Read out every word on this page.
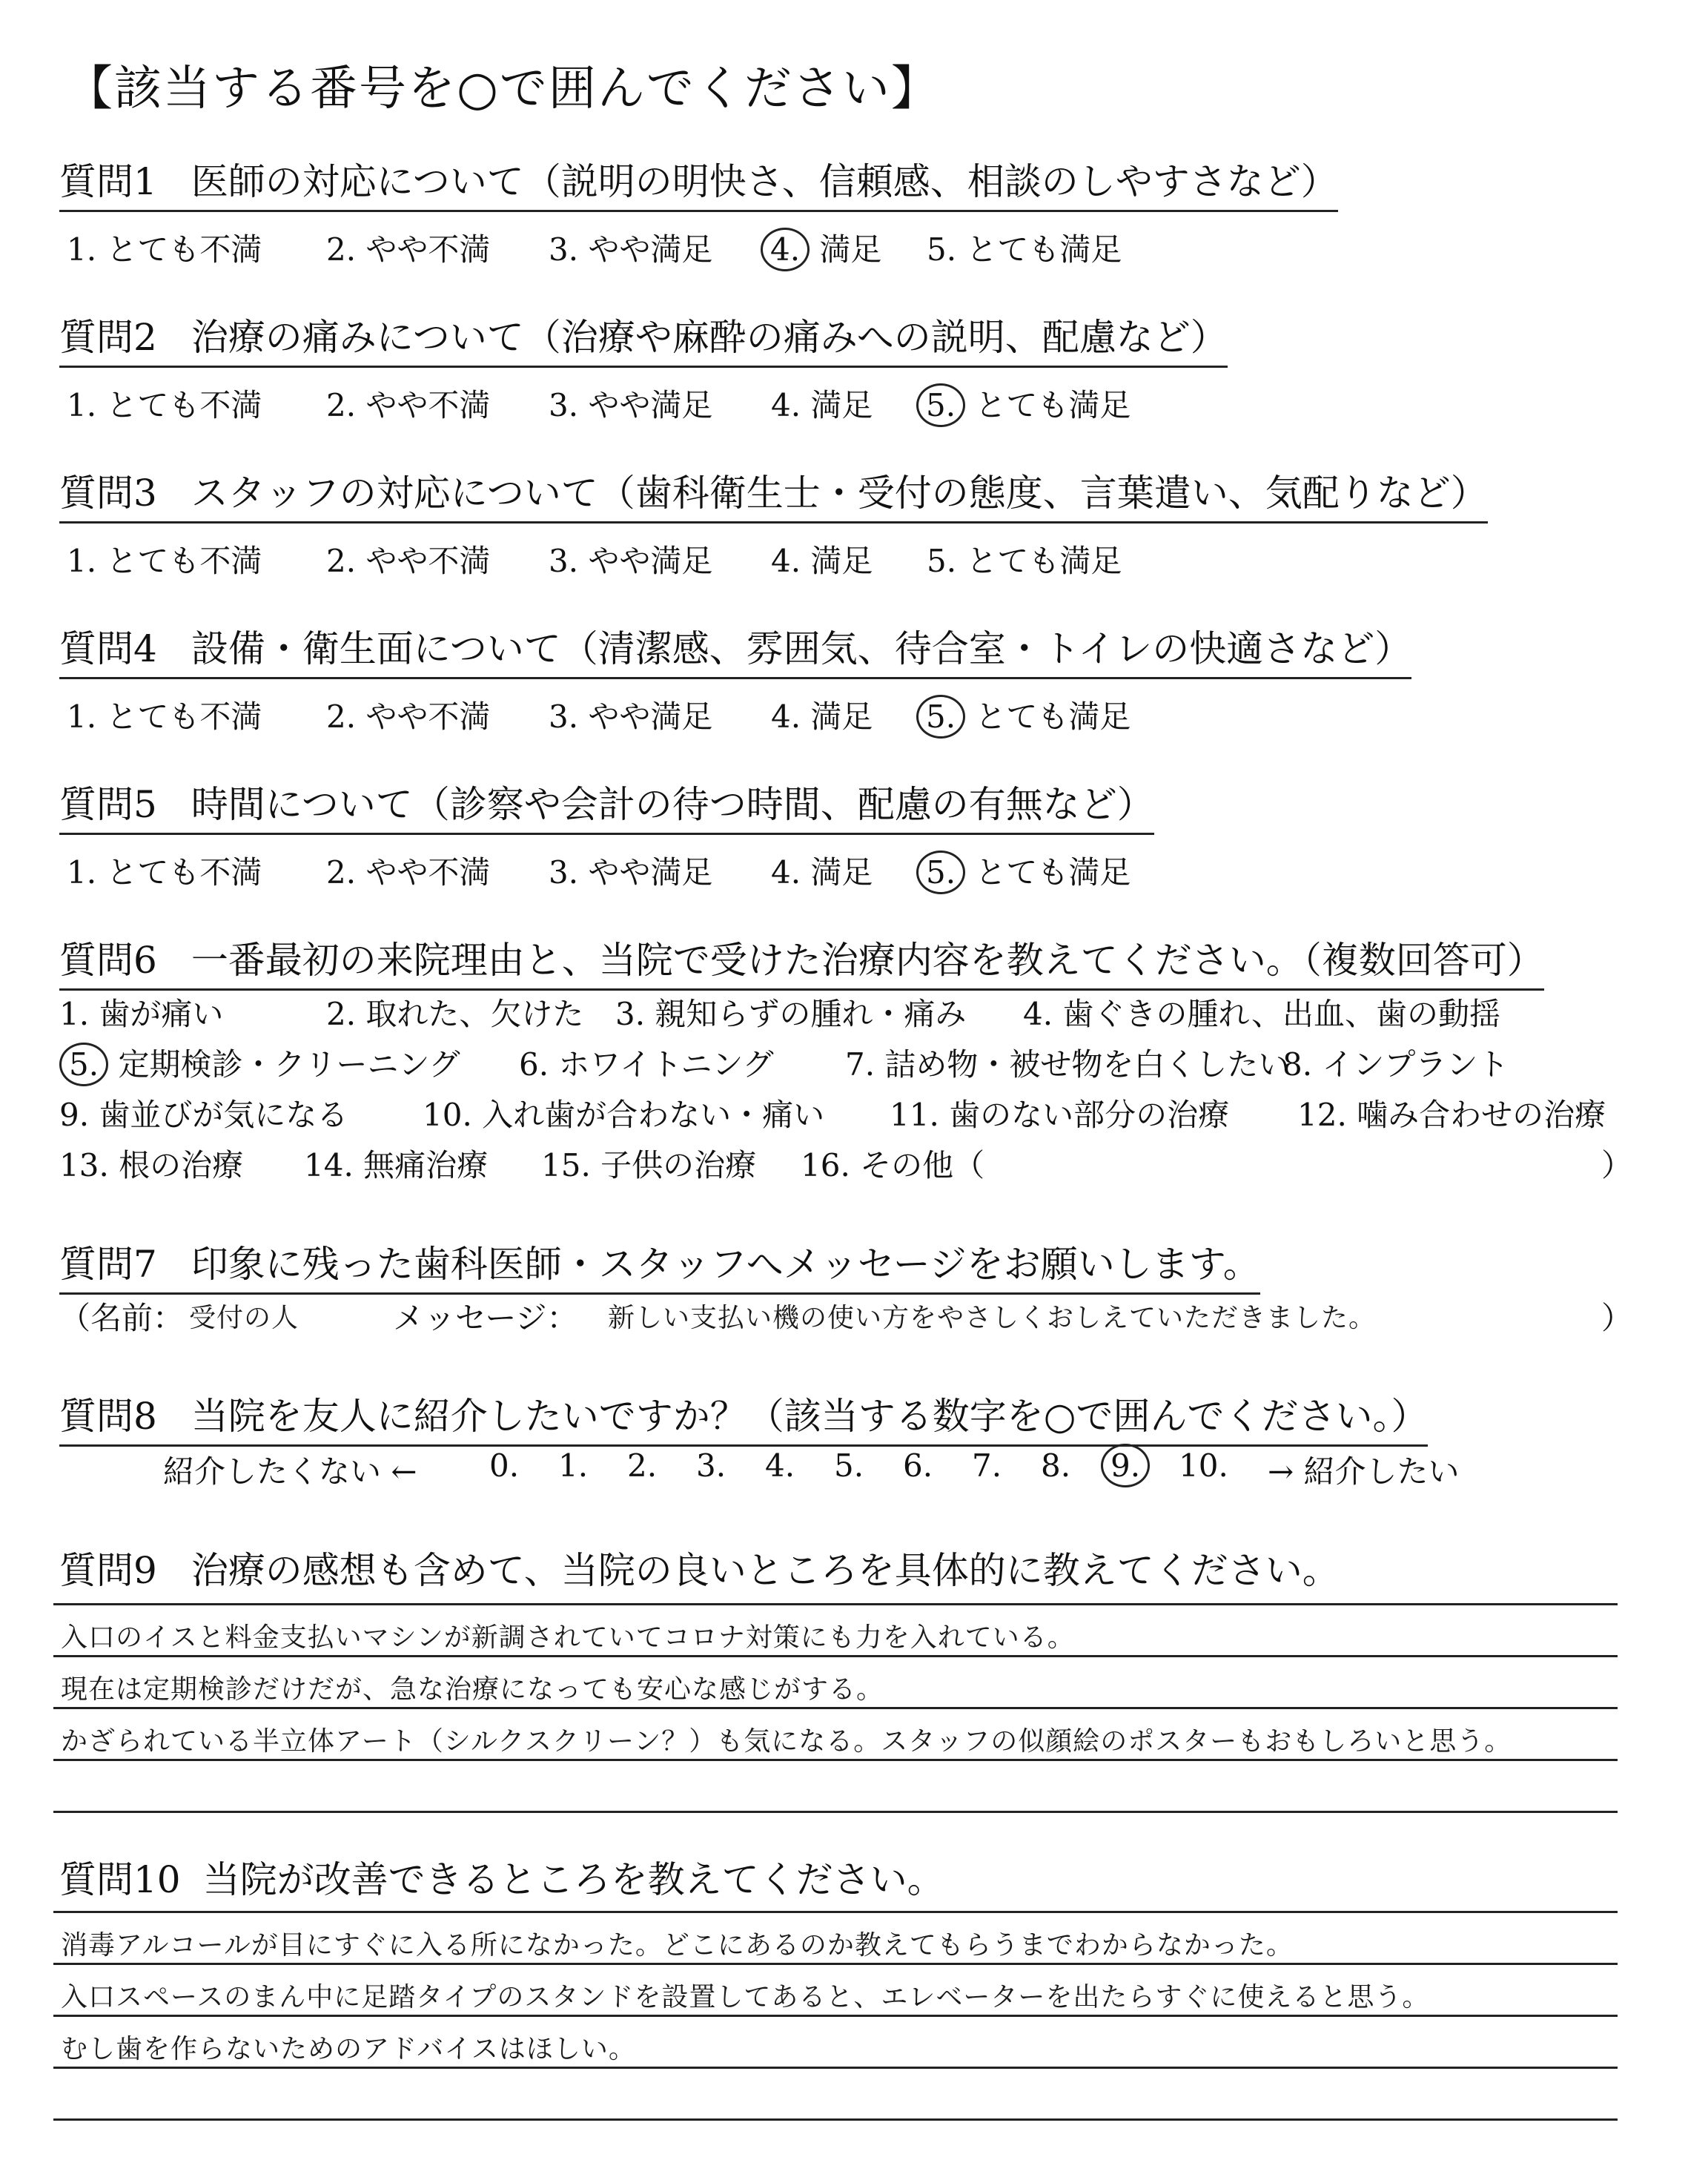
【該当する番号を○で囲んでください】
質問1 医師の対応について（説明の明快さ、信頼感、相談のしやすさなど）
1. とても不満 2. やや不満 3. やや満足 4. 満足 5. とても満足
質問2 治療の痛みについて（治療や麻酔の痛みへの説明、配慮など）
1. とても不満 2. やや不満 3. やや満足 4. 満足 5. とても満足
質問3 スタッフの対応について（歯科衛生士・受付の態度、言葉遣い、気配りなど）
1. とても不満 2. やや不満 3. やや満足 4. 満足 5. とても満足
質問4 設備・衛生面について（清潔感、雰囲気、待合室・トイレの快適さなど）
1. とても不満 2. やや不満 3. やや満足 4. 満足 5. とても満足
質問5 時間について（診察や会計の待つ時間、配慮の有無など）
1. とても不満 2. やや不満 3. やや満足 4. 満足 5. とても満足
質問6 一番最初の来院理由と、当院で受けた治療内容を教えてください。（複数回答可）
1. 歯が痛い	2. 取れた、欠けた 3. 親知らずの腫れ・痛み 4. 歯ぐきの腫れ、出血、歯の動揺
5. 定期検診・クリーニング 6. ホワイトニング 7. 詰め物・被せ物を白くしたい
8. インプラント
9. 歯並びが気になる 10. 入れ歯が合わない・痛い 11. 歯のない部分の治療 12. 噛み合わせの治療
13. 根の治療 14. 無痛治療 15. 子供の治療 16. その他（	）
質問7 印象に残った歯科医師・スタッフへメッセージをお願いします。
（名前： 受付の人	メッセージ： 新しい支払い機の使い方をやさしくおしえていただきました。	）
質問8 当院を友人に紹介したいですか？（該当する数字を○で囲んでください。）
紹介したくない ← 0. 1. 2. 3. 4. 5. 6. 7. 8.	9.	10. → 紹介したい
質問9 治療の感想も含めて、当院の良いところを具体的に教えてください。
入口のイスと料金支払いマシンが新調されていてコロナ対策にも力を入れている。
現在は定期検診だけだが、急な治療になっても安心な感じがする。
かざられている半立体アート（シルクスクリーン？）も気になる。スタッフの似顔絵のポスターもおもしろいと思う。
質問10 当院が改善できるところを教えてください。
消毒アルコールが目にすぐに入る所になかった。どこにあるのか教えてもらうまでわからなかった。
入口スペースのまん中に足踏タイプのスタンドを設置してあると、エレベーターを出たらすぐに使えると思う。
むし歯を作らないためのアドバイスはほしい。
